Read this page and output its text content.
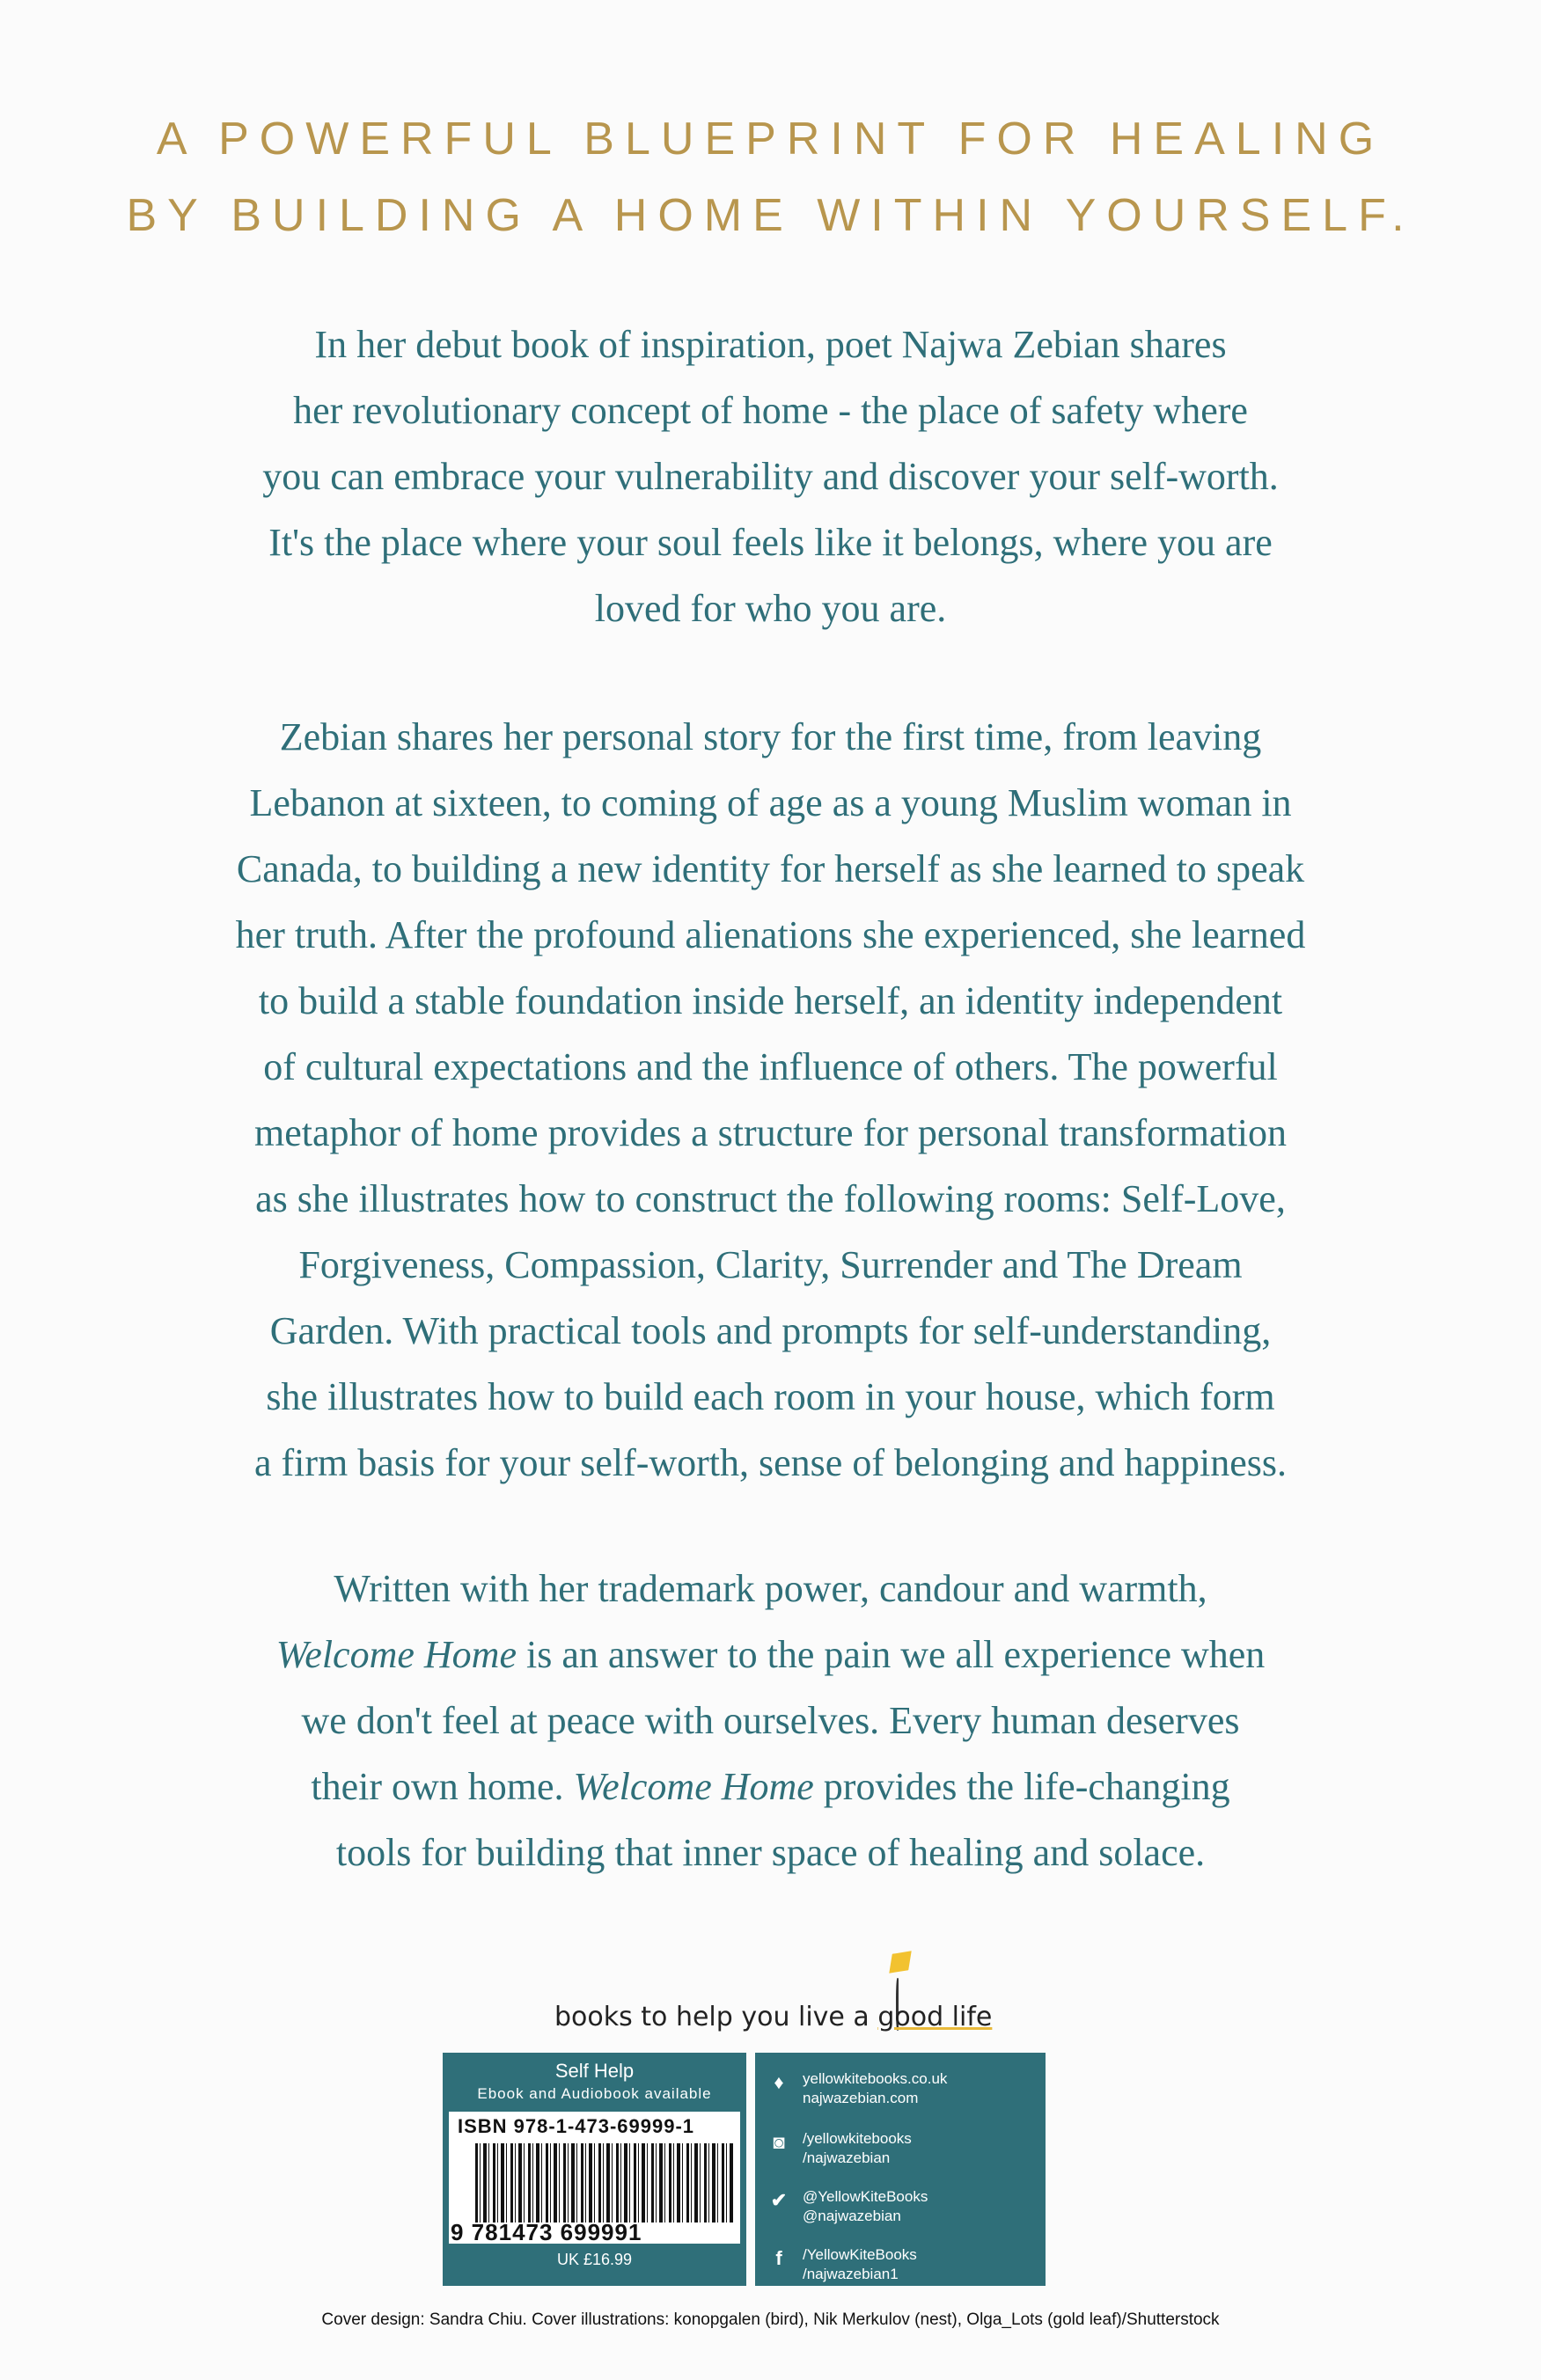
A POWERFUL BLUEPRINT FOR HEALING
BY BUILDING A HOME WITHIN YOURSELF.
In her debut book of inspiration, poet Najwa Zebian shares
her revolutionary concept of home - the place of safety where
you can embrace your vulnerability and discover your self-worth.
It's the place where your soul feels like it belongs, where you are
loved for who you are.
Zebian shares her personal story for the first time, from leaving
Lebanon at sixteen, to coming of age as a young Muslim woman in
Canada, to building a new identity for herself as she learned to speak
her truth. After the profound alienations she experienced, she learned
to build a stable foundation inside herself, an identity independent
of cultural expectations and the influence of others. The powerful
metaphor of home provides a structure for personal transformation
as she illustrates how to construct the following rooms: Self-Love,
Forgiveness, Compassion, Clarity, Surrender and The Dream
Garden. With practical tools and prompts for self-understanding,
she illustrates how to build each room in your house, which form
a firm basis for your self-worth, sense of belonging and happiness.
Written with her trademark power, candour and warmth,
Welcome Home is an answer to the pain we all experience when
we don't feel at peace with ourselves. Every human deserves
their own home. Welcome Home provides the life-changing
tools for building that inner space of healing and solace.
books to help you live a good life
Self Help
Ebook and Audiobook available
ISBN 978-1-473-69999-1
9 781473 699991
UK £16.99
♦	yellowkitebooks.co.uk
najwazebian.com
◙	/yellowkitebooks
/najwazebian
✔ @YellowKiteBooks
@najwazebian
f	/YellowKiteBooks
/najwazebian1
Cover design: Sandra Chiu. Cover illustrations: konopgalen (bird), Nik Merkulov (nest), Olga_Lots (gold leaf)/Shutterstock
